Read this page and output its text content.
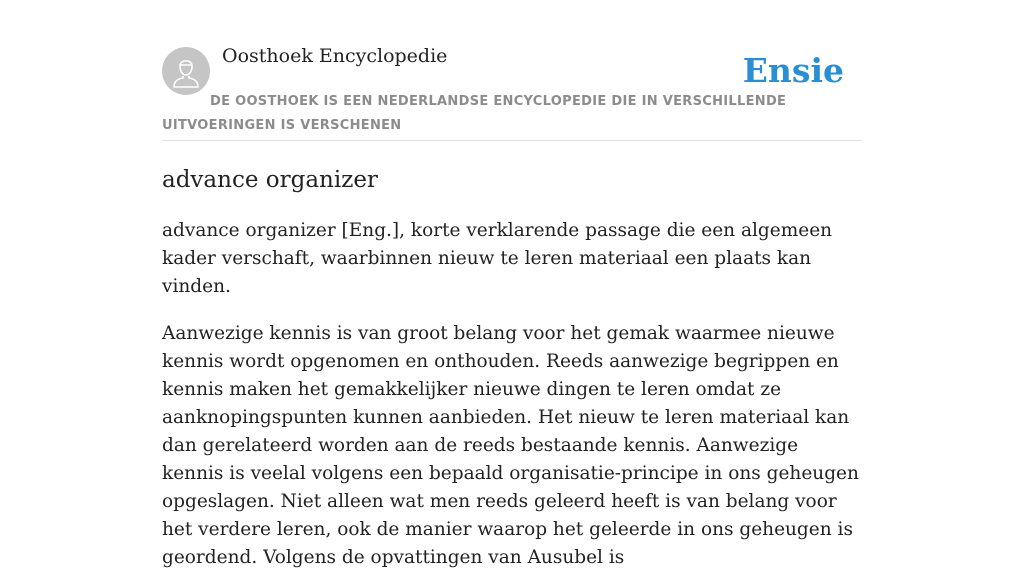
Oosthoek Encyclopedie	Ensie
DE OOSTHOEK IS EEN NEDERLANDSE ENCYCLOPEDIE DIE IN VERSCHILLENDE UITVOERINGEN IS VERSCHENEN
advance organizer

advance organizer [Eng.], korte verklarende passage die een algemeen kader verschaft, waarbinnen nieuw te leren materiaal een plaats kan vinden.

Aanwezige kennis is van groot belang voor het gemak waarmee nieuwe kennis wordt opgenomen en onthouden. Reeds aanwezige begrippen en kennis maken het gemakkelijker nieuwe dingen te leren omdat ze aanknopingspunten kunnen aanbieden. Het nieuw te leren materiaal kan dan gerelateerd worden aan de reeds bestaande kennis. Aanwezige kennis is veelal volgens een bepaald organisatie-principe in ons geheugen opgeslagen. Niet alleen wat men reeds geleerd heeft is van belang voor het verdere leren, ook de manier waarop het geleerde in ons geheugen is geordend. Volgens de opvattingen van Ausubel is
